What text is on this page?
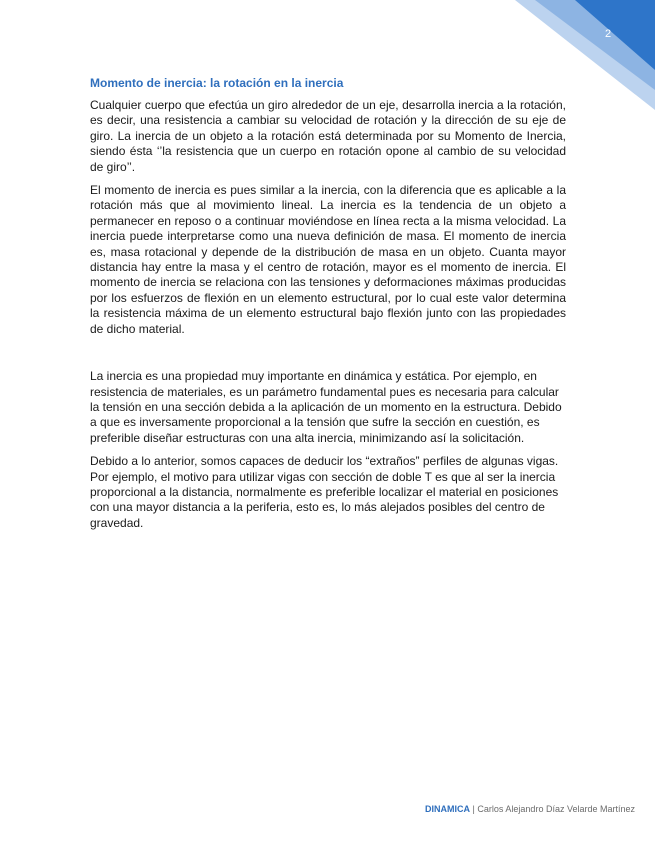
2

Momento de inercia: la rotación en la inercia

Cualquier cuerpo que efectúa un giro alrededor de un eje, desarrolla inercia a la rotación, es decir, una resistencia a cambiar su velocidad de rotación y la dirección de su eje de giro. La inercia de un objeto a la rotación está determinada por su Momento de Inercia, siendo ésta ‘’la resistencia que un cuerpo en rotación opone al cambio de su velocidad de giro’’.

El momento de inercia es pues similar a la inercia, con la diferencia que es aplicable a la rotación más que al movimiento lineal. La inercia es la tendencia de un objeto a permanecer en reposo o a continuar moviéndose en línea recta a la misma velocidad. La inercia puede interpretarse como una nueva definición de masa. El momento de inercia es, masa rotacional y depende de la distribución de masa en un objeto. Cuanta mayor distancia hay entre la masa y el centro de rotación, mayor es el momento de inercia. El momento de inercia se relaciona con las tensiones y deformaciones máximas producidas por los esfuerzos de flexión en un elemento estructural, por lo cual este valor determina la resistencia máxima de un elemento estructural bajo flexión junto con las propiedades de dicho material.

La inercia es una propiedad muy importante en dinámica y estática. Por ejemplo, en resistencia de materiales, es un parámetro fundamental pues es necesaria para calcular la tensión en una sección debida a la aplicación de un momento en la estructura. Debido a que es inversamente proporcional a la tensión que sufre la sección en cuestión, es preferible diseñar estructuras con una alta inercia, minimizando así la solicitación.

Debido a lo anterior, somos capaces de deducir los “extraños” perfiles de algunas vigas. Por ejemplo, el motivo para utilizar vigas con sección de doble T es que al ser la inercia proporcional a la distancia, normalmente es preferible localizar el material en posiciones con una mayor distancia a la periferia, esto es, lo más alejados posibles del centro de gravedad.

DINAMICA | Carlos Alejandro Díaz Velarde Martínez
